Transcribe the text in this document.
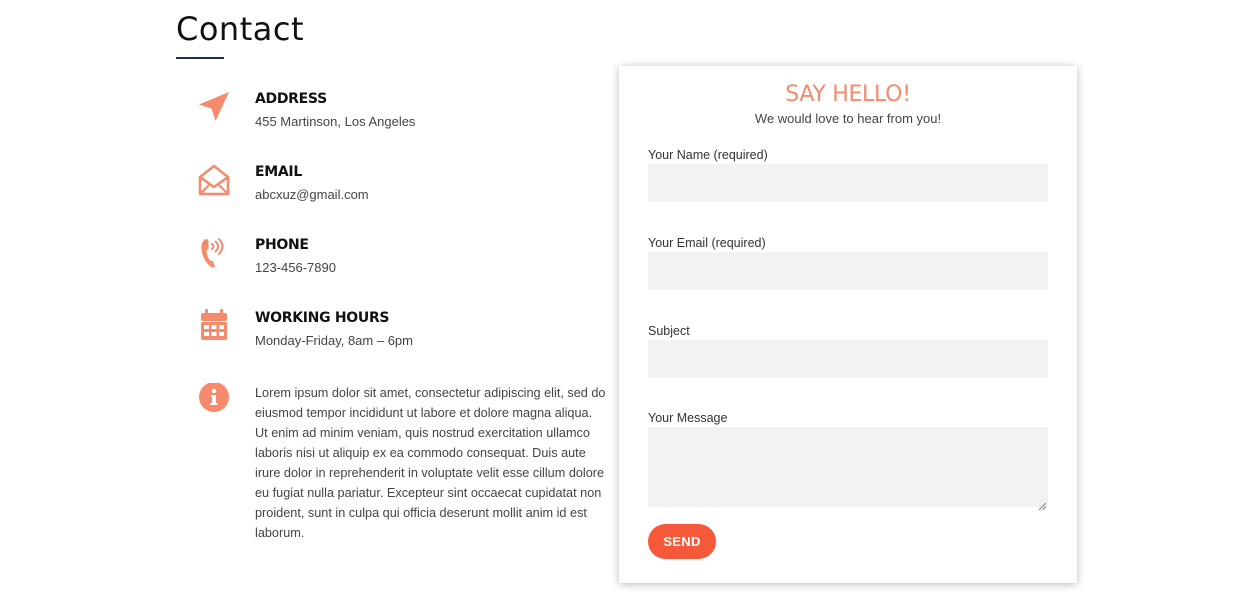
Contact
ADDRESS
455 Martinson, Los Angeles
EMAIL
abcxuz@gmail.com
PHONE
123-456-7890
WORKING HOURS
Monday-Friday, 8am – 6pm
Lorem ipsum dolor sit amet, consectetur adipiscing elit, sed do eiusmod tempor incididunt ut labore et dolore magna aliqua. Ut enim ad minim veniam, quis nostrud exercitation ullamco laboris nisi ut aliquip ex ea commodo consequat. Duis aute irure dolor in reprehenderit in voluptate velit esse cillum dolore eu fugiat nulla pariatur. Excepteur sint occaecat cupidatat non proident, sunt in culpa qui officia deserunt mollit anim id est laborum.
SAY HELLO!
We would love to hear from you!
Your Name (required)
Your Email (required)
Subject
Your Message
SEND
